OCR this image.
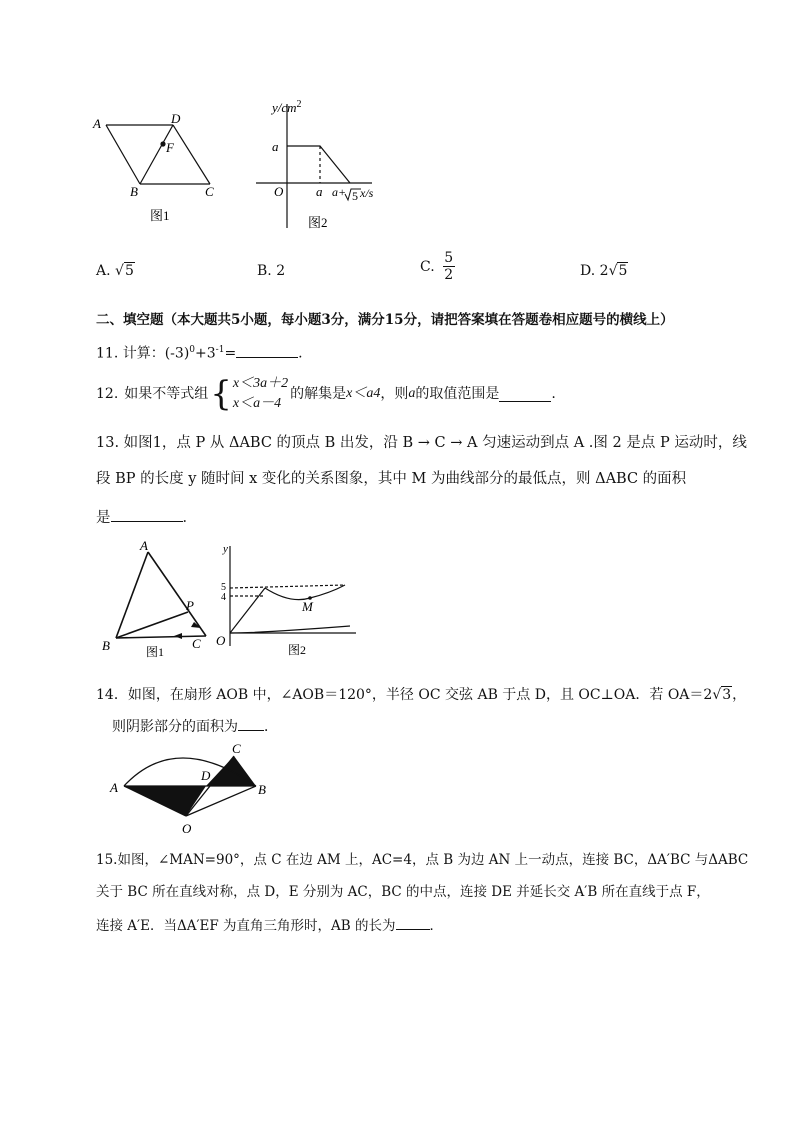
A	D
F
B	C
图1
$y/cm^2$
a
O	a a+ 5 x/s
图2
A. √5	B. 2	C. $\frac{5}{2}$	D. 2√5
二、填空题（本大题共5小题，每小题3分，满分15分，请把答案填在答题卷相应题号的横线上）
11. 计算：$(-3)^0+3^{-1}=$	.
12. 如果不等式组 { x＜3a＋2
x＜a－4
的解集是 x＜a4 ，则 a 的取值范围是	.
13. 如图1，点 P 从 ΔABC 的顶点 B 出发，沿 B → C → A 匀速运动到点 A .图 2 是点 P 运动时，线
段 BP 的长度 y 随时间 x 变化的关系图象，其中 M 为曲线部分的最低点，则 ΔABC 的面积
是	．
A
P
B	C
图1
y
5
4
M
O
图2
14．如图，在扇形 AOB 中，∠AOB＝120°，半径 OC 交弦 AB 于点 D，且 OC⊥OA．若 OA＝2√3，
则阴影部分的面积为 ．
A
D
C
B
O
15.如图，∠MAN=90°，点 C 在边 AM 上，AC=4，点 B 为边 AN 上一动点，连接 BC，ΔA′BC 与ΔABC
关于 BC 所在直线对称，点 D，E 分别为 AC，BC 的中点，连接 DE 并延长交 A′B 所在直线于点 F，
连接 A′E．当ΔA′EF 为直角三角形时，AB 的长为	．
